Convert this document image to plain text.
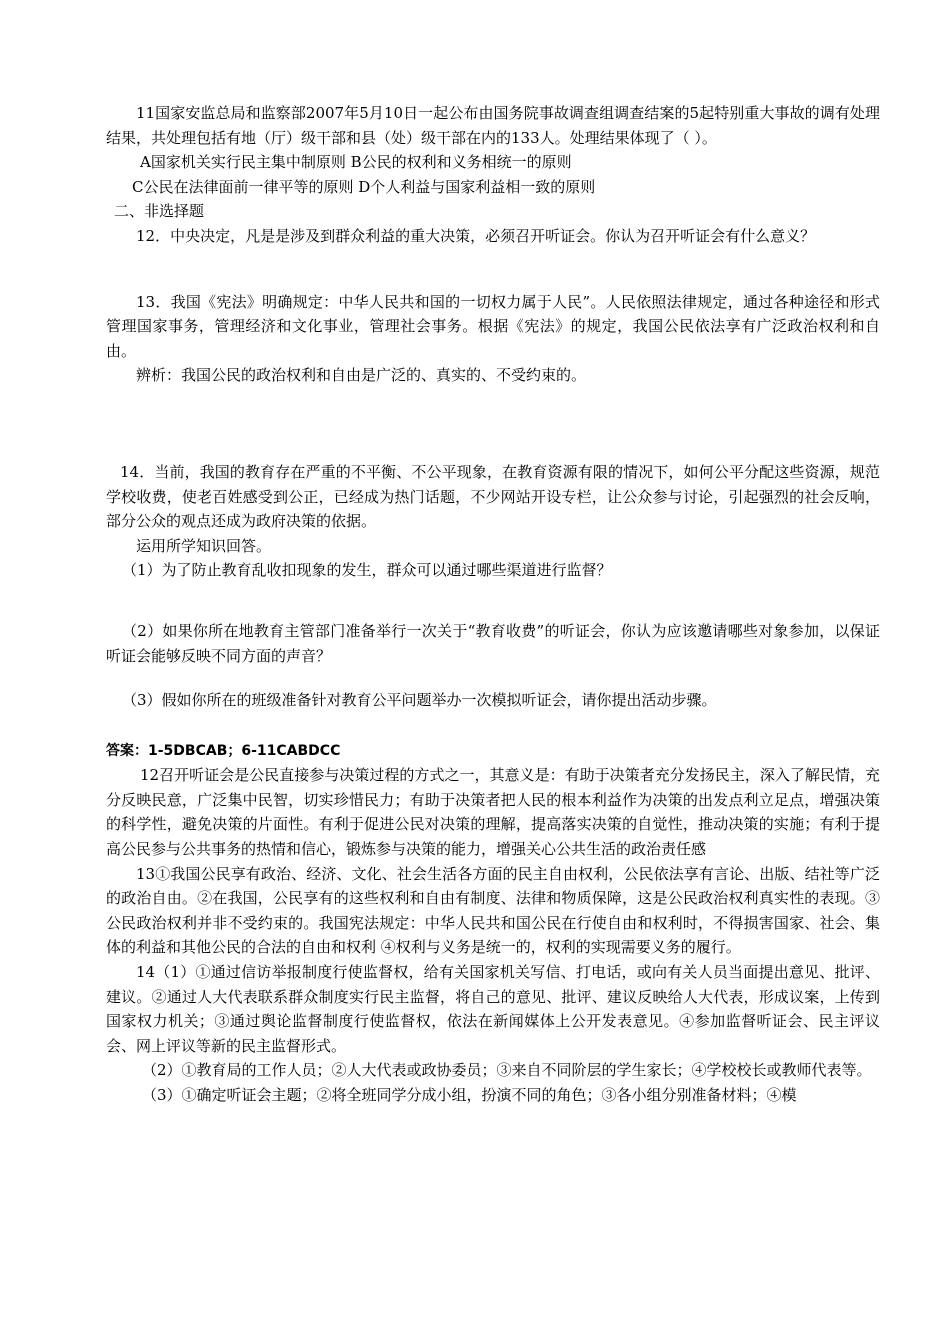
11国家安监总局和监察部2007年5月10日一起公布由国务院事故调查组调查结案的5起特别重大事故的调有处理结果，共处理包括有地（厅）级干部和县（处）级干部在内的133人。处理结果体现了（ ）。

A国家机关实行民主集中制原则 B公民的权利和义务相统一的原则

C公民在法律面前一律平等的原则 D个人利益与国家利益相一致的原则

二、非选择题

12．中央决定，凡是是涉及到群众利益的重大决策，必须召开听证会。你认为召开听证会有什么意义？

13．我国《宪法》明确规定：中华人民共和国的一切权力属于人民”。人民依照法律规定，通过各种途径和形式管理国家事务，管理经济和文化事业，管理社会事务。根据《宪法》的规定，我国公民依法享有广泛政治权利和自由。

辨析：我国公民的政治权利和自由是广泛的、真实的、不受约束的。

14．当前，我国的教育存在严重的不平衡、不公平现象，在教育资源有限的情况下，如何公平分配这些资源，规范学校收费，使老百姓感受到公正，已经成为热门话题，不少网站开设专栏，让公众参与讨论，引起强烈的社会反响，部分公众的观点还成为政府决策的依据。

运用所学知识回答。

（1）为了防止教育乱收扣现象的发生，群众可以通过哪些渠道进行监督？

（2）如果你所在地教育主管部门准备举行一次关于“教育收费”的听证会，你认为应该邀请哪些对象参加，以保证听证会能够反映不同方面的声音？

（3）假如你所在的班级准备针对教育公平问题举办一次模拟听证会，请你提出活动步骤。

答案：1-5DBCAB；6-11CABDCC

12召开听证会是公民直接参与决策过程的方式之一，其意义是：有助于决策者充分发扬民主，深入了解民情，充分反映民意，广泛集中民智，切实珍惜民力；有助于决策者把人民的根本利益作为决策的出发点利立足点，增强决策的科学性，避免决策的片面性。有利于促进公民对决策的理解，提高落实决策的自觉性，推动决策的实施；有利于提高公民参与公共事务的热情和信心，锻炼参与决策的能力，增强关心公共生活的政治责任感

13①我国公民享有政治、经济、文化、社会生活各方面的民主自由权利，公民依法享有言论、出版、结社等广泛的政治自由。②在我国，公民享有的这些权利和自由有制度、法律和物质保障，这是公民政治权利真实性的表现。③公民政治权利并非不受约束的。我国宪法规定：中华人民共和国公民在行使自由和权利时，不得损害国家、社会、集体的利益和其他公民的合法的自由和权利 ④权利与义务是统一的，权利的实现需要义务的履行。

14（1）①通过信访举报制度行使监督权，给有关国家机关写信、打电话，或向有关人员当面提出意见、批评、建议。②通过人大代表联系群众制度实行民主监督，将自己的意见、批评、建议反映给人大代表，形成议案，上传到国家权力机关；③通过舆论监督制度行使监督权，依法在新闻媒体上公开发表意见。④参加监督听证会、民主评议会、网上评议等新的民主监督形式。

（2）①教育局的工作人员；②人大代表或政协委员；③来自不同阶层的学生家长；④学校校长或教师代表等。

（3）①确定听证会主题；②将全班同学分成小组，扮演不同的角色；③各小组分别准备材料；④模
